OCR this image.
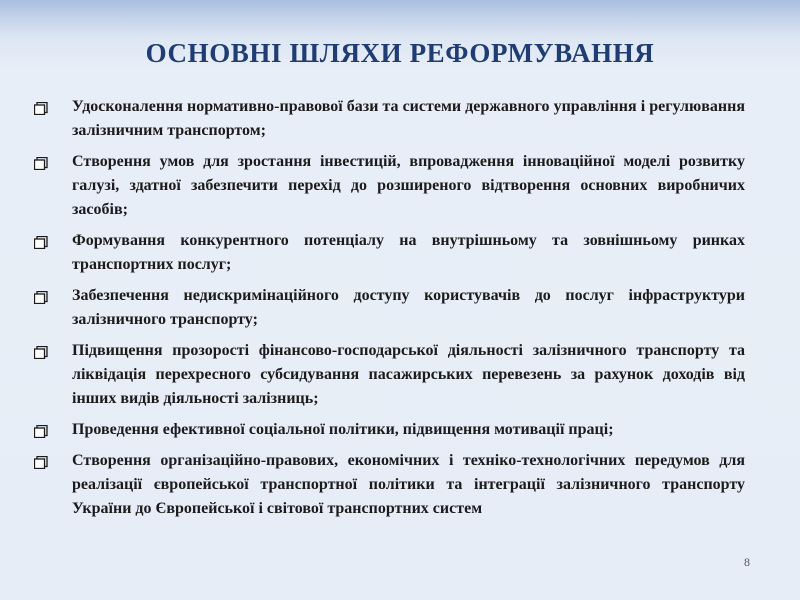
ОСНОВНІ ШЛЯХИ РЕФОРМУВАННЯ
Удосконалення нормативно-правової бази та системи державного управління і регулювання залізничним транспортом;
Створення умов для зростання інвестицій, впровадження інноваційної моделі розвитку галузі, здатної забезпечити перехід до розширеного відтворення основних виробничих засобів;
Формування конкурентного потенціалу на внутрішньому та зовнішньому ринках транспортних послуг;
Забезпечення недискримінаційного доступу користувачів до послуг інфраструктури залізничного транспорту;
Підвищення прозорості фінансово-господарської діяльності залізничного транспорту та ліквідація перехресного субсидування пасажирських перевезень за рахунок доходів від інших видів діяльності залізниць;
Проведення ефективної соціальної політики, підвищення мотивації праці;
Створення організаційно-правових, економічних і техніко-технологічних передумов для реалізації європейської транспортної політики та інтеграції залізничного транспорту України до Європейської і світової транспортних систем
8
